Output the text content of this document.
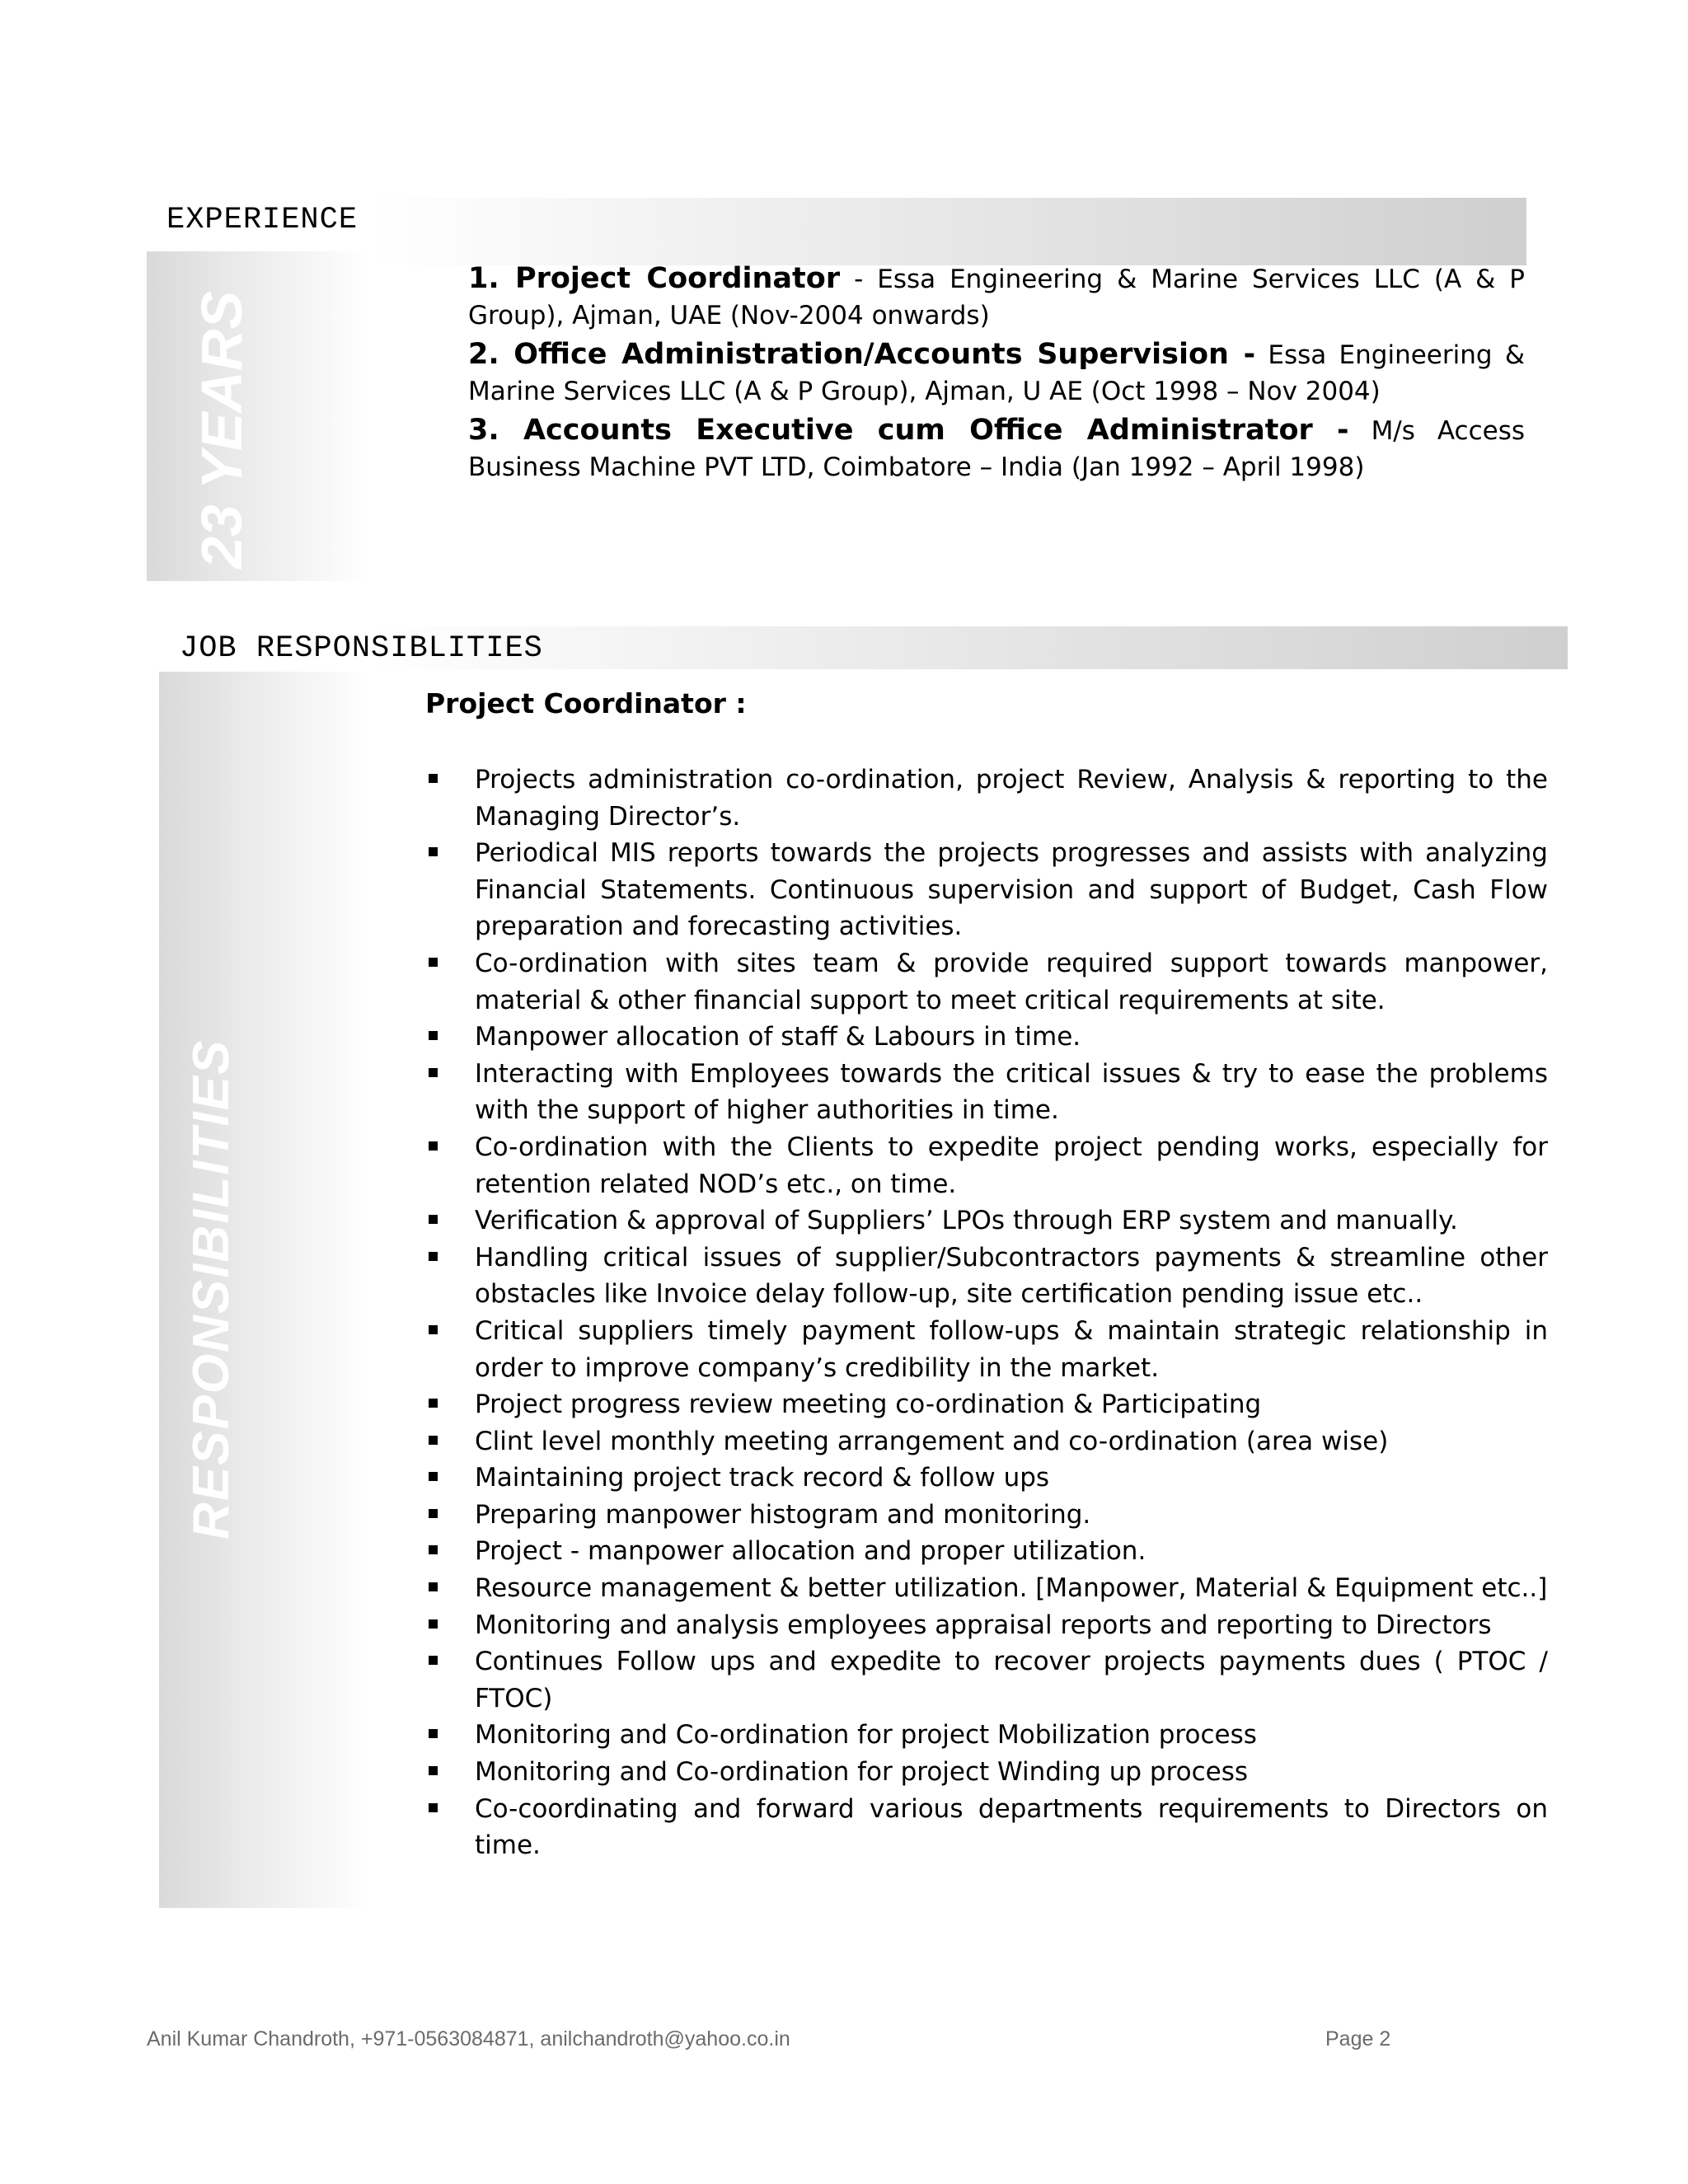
EXPERIENCE
23 YEARS
1. Project Coordinator - Essa Engineering & Marine Services LLC (A & P Group), Ajman, UAE (Nov-2004 onwards)
2. Office Administration/Accounts Supervision - Essa Engineering & Marine Services LLC (A & P Group), Ajman, U AE (Oct 1998 – Nov 2004)
3. Accounts Executive cum Office Administrator - M/s Access Business Machine PVT LTD, Coimbatore – India (Jan 1992 – April 1998)
JOB RESPONSIBLITIES
RESPONSIBILITIES
Project Coordinator :
Projects administration co-ordination, project Review, Analysis & reporting to the Managing Director’s.
Periodical MIS reports towards the projects progresses and assists with analyzing Financial Statements. Continuous supervision and support of Budget, Cash Flow preparation and forecasting activities.
Co-ordination with sites team & provide required support towards manpower, material & other financial support to meet critical requirements at site.
Manpower allocation of staff & Labours in time.
Interacting with Employees towards the critical issues & try to ease the problems with the support of higher authorities in time.
Co-ordination with the Clients to expedite project pending works, especially for retention related NOD’s etc., on time.
Verification & approval of Suppliers’ LPOs through ERP system and manually.
Handling critical issues of supplier/Subcontractors payments & streamline other obstacles like Invoice delay follow-up, site certification pending issue etc..
Critical suppliers timely payment follow-ups & maintain strategic relationship in order to improve company’s credibility in the market.
Project progress review meeting co-ordination & Participating
Clint level monthly meeting arrangement and co-ordination (area wise)
Maintaining project track record & follow ups
Preparing manpower histogram and monitoring.
Project - manpower allocation and proper utilization.
Resource management & better utilization. [Manpower, Material & Equipment etc..]
Monitoring and analysis employees appraisal reports and reporting to Directors
Continues Follow ups and expedite to recover projects payments dues ( PTOC / FTOC)
Monitoring and Co-ordination for project Mobilization process
Monitoring and Co-ordination for project Winding up process
Co-coordinating and forward various departments requirements to Directors on time.
Anil Kumar Chandroth, +971-0563084871, anilchandroth@yahoo.co.in	Page 2
